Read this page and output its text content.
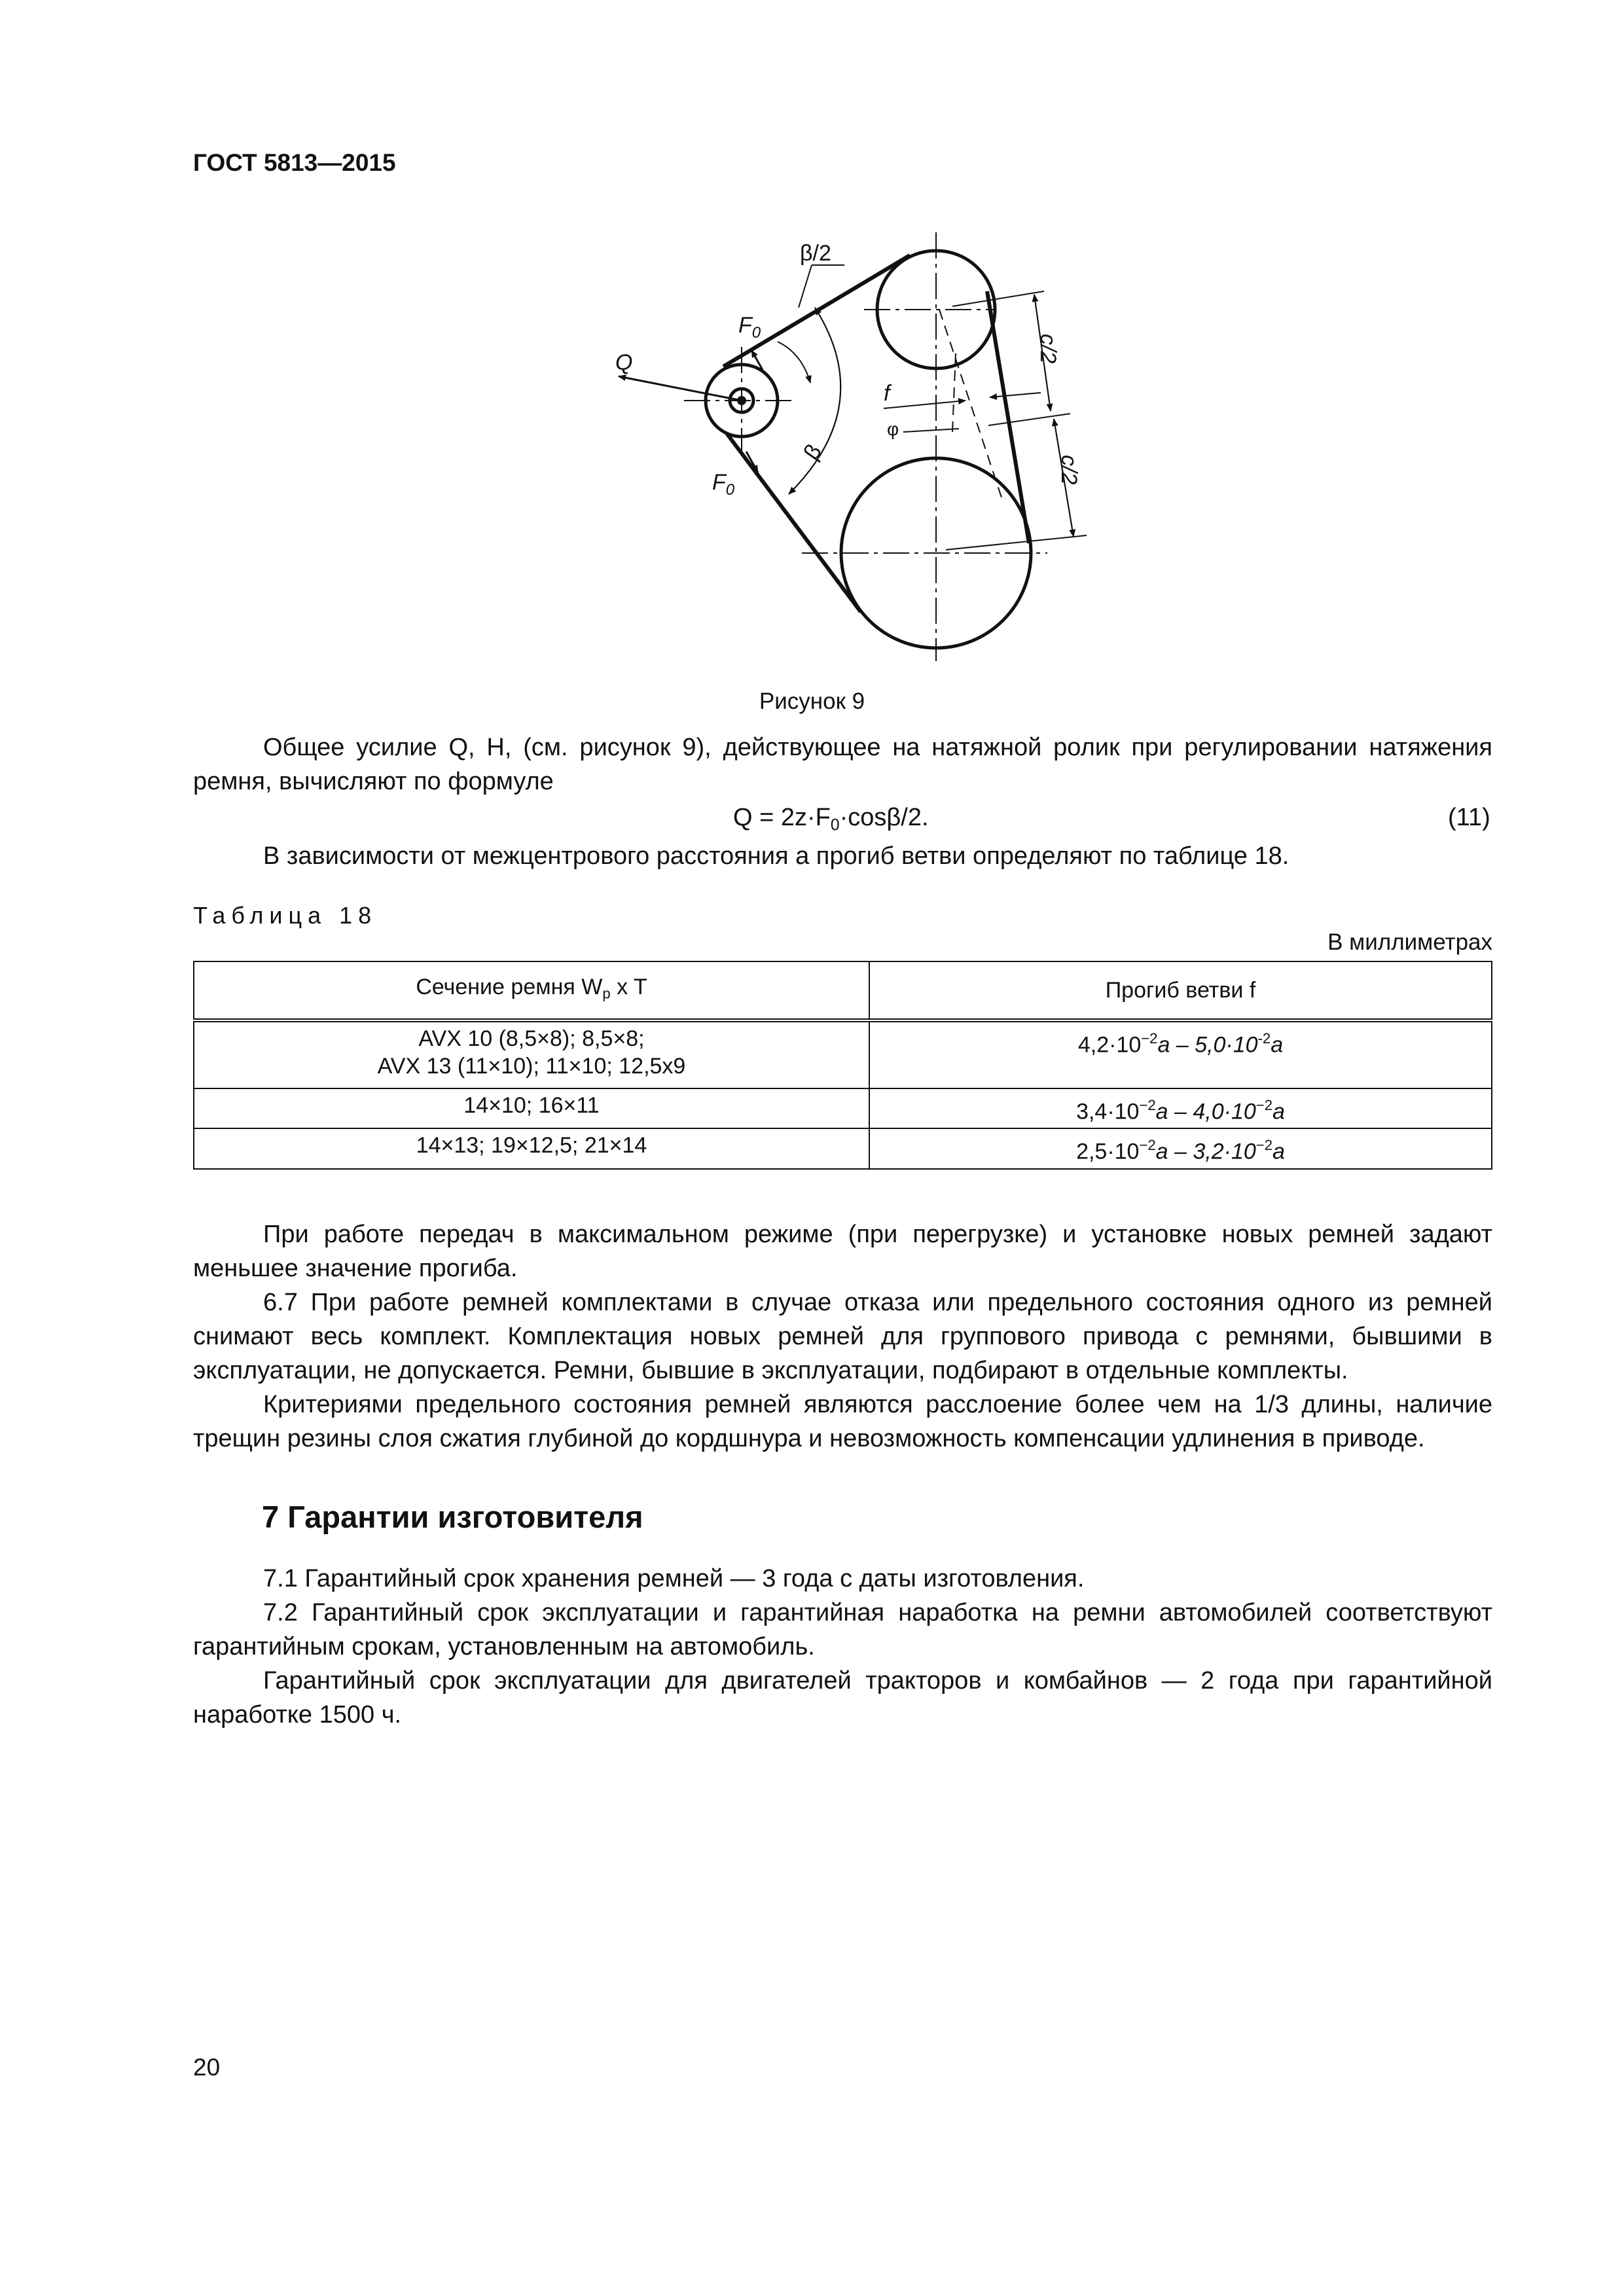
ГОСТ 5813—2015
β/2
$F_0$
Q
f
φ
$F_0$
β
c/2
c/2
Рисунок 9

Общее усилие Q, Н, (см. рисунок 9), действующее на натяжной ролик при регулировании натяжения ремня, вычисляют по формуле

$Q = 2z\cdot F_0\cdot\cos\beta/2$.	(11)

В зависимости от межцентрового расстояния a прогиб ветви определяют по таблице 18.

Таблица 18
В миллиметрах
Сечение ремня $W_p$ x T	Прогиб ветви f

AVX 10 (8,5×8); 8,5×8;
AVX 13 (11×10); 11×10; 12,5x9	$4,2\cdot 10^{-2}a - 5,0\cdot 10^{-2}a$

14×10; 16×11	$3,4\cdot 10^{-2}a - 4,0\cdot 10^{-2}a$

14×13; 19×12,5; 21×14	$2,5\cdot 10^{-2}a - 3,2\cdot 10^{-2}a$

При работе передач в максимальном режиме (при перегрузке) и установке новых ремней задают меньшее значение прогиба.

6.7 При работе ремней комплектами в случае отказа или предельного состояния одного из ремней снимают весь комплект. Комплектация новых ремней для группового привода с ремнями, бывшими в эксплуатации, не допускается. Ремни, бывшие в эксплуатации, подбирают в отдельные комплекты.

Критериями предельного состояния ремней являются расслоение более чем на 1/3 длины, наличие трещин резины слоя сжатия глубиной до кордшнура и невозможность компенсации удлинения в приводе.

7 Гарантии изготовителя

7.1 Гарантийный срок хранения ремней — 3 года с даты изготовления.

7.2 Гарантийный срок эксплуатации и гарантийная наработка на ремни автомобилей соответствуют гарантийным срокам, установленным на автомобиль.

Гарантийный срок эксплуатации для двигателей тракторов и комбайнов — 2 года при гарантийной наработке 1500 ч.

20
